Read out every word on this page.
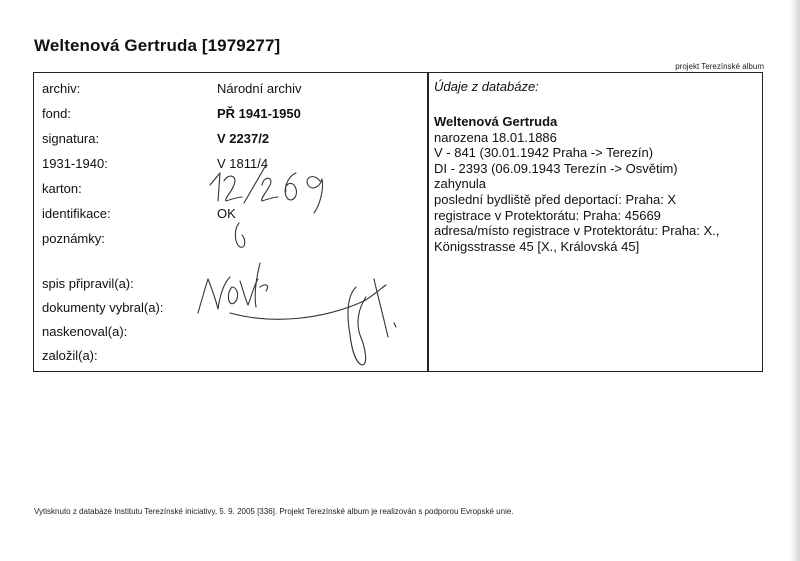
Weltenová Gertruda [1979277]
projekt Terezínské album
archiv:	Národní archiv
fond:	PŘ 1941-1950
signatura:	V 2237/2
1931-1940:	V 1811/4
karton:
identifikace:	OK
poznámky:
spis připravil(a):
dokumenty vybral(a):
naskenoval(a):
založil(a):
Údaje z databáze:
Weltenová Gertruda
narozena 18.01.1886
V - 841 (30.01.1942 Praha -> Terezín)
DI - 2393 (06.09.1943 Terezín -> Osvětim)
zahynula
poslední bydliště před deportací: Praha: X
registrace v Protektorátu: Praha: 45669
adresa/místo registrace v Protektorátu: Praha: X.,
Königsstrasse 45 [X., Královská 45]
Vytisknuto z databáze Institutu Terezínské iniciativy, 5. 9. 2005 [336]. Projekt Terezínské album je realizován s podporou Evropské unie.
